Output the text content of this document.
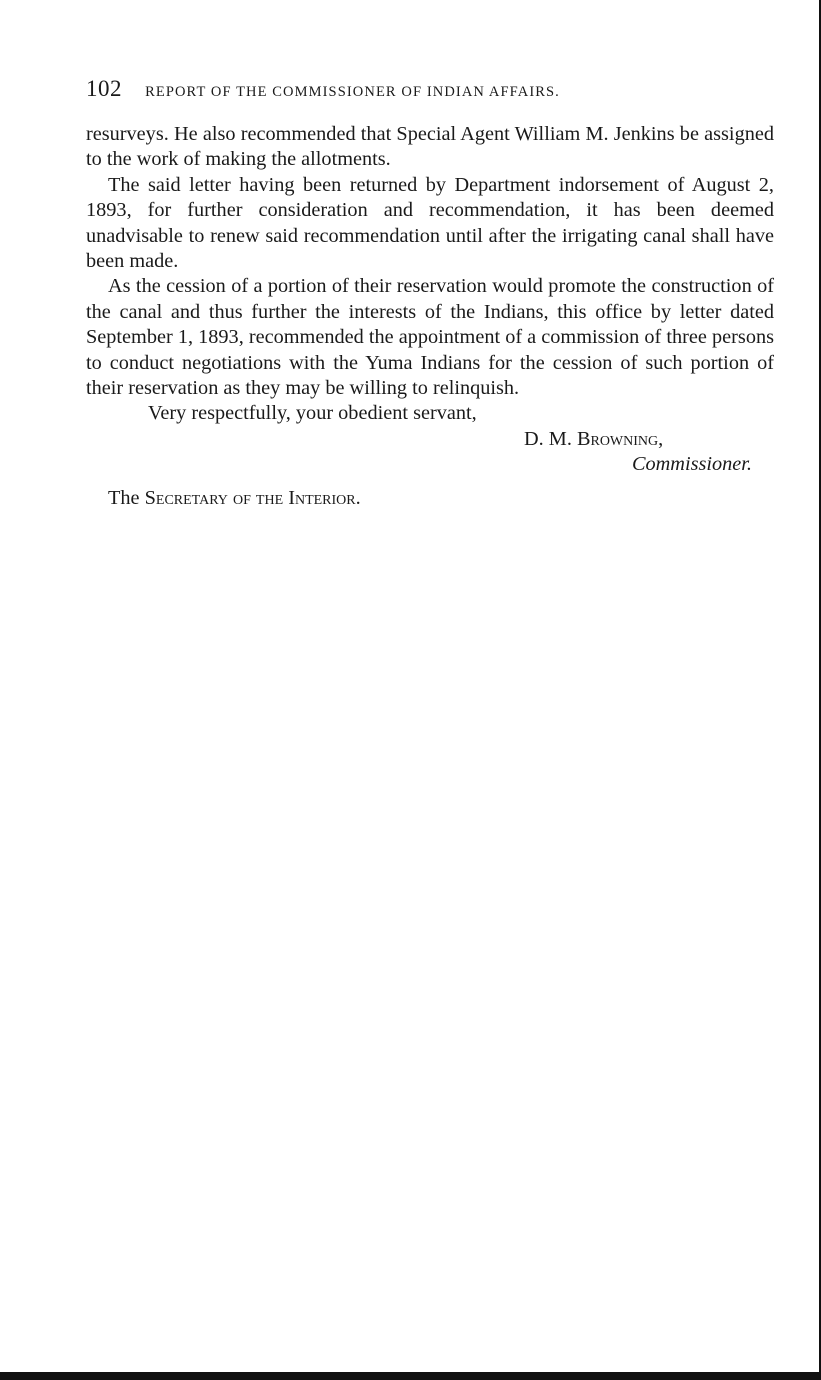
102 REPORT OF THE COMMISSIONER OF INDIAN AFFAIRS.

resurveys. He also recommended that Special Agent William M. Jenkins be assigned to the work of making the allotments.

The said letter having been returned by Department indorsement of August 2, 1893, for further consideration and recommendation, it has been deemed unadvisable to renew said recommendation until after the irrigating canal shall have been made.

As the cession of a portion of their reservation would promote the construction of the canal and thus further the interests of the Indians, this office by letter dated September 1, 1893, recommended the appointment of a commission of three persons to conduct negotiations with the Yuma Indians for the cession of such portion of their reservation as they may be willing to relinquish.

Very respectfully, your obedient servant,

D. M. Browning,

Commissioner.

The Secretary of the Interior.
